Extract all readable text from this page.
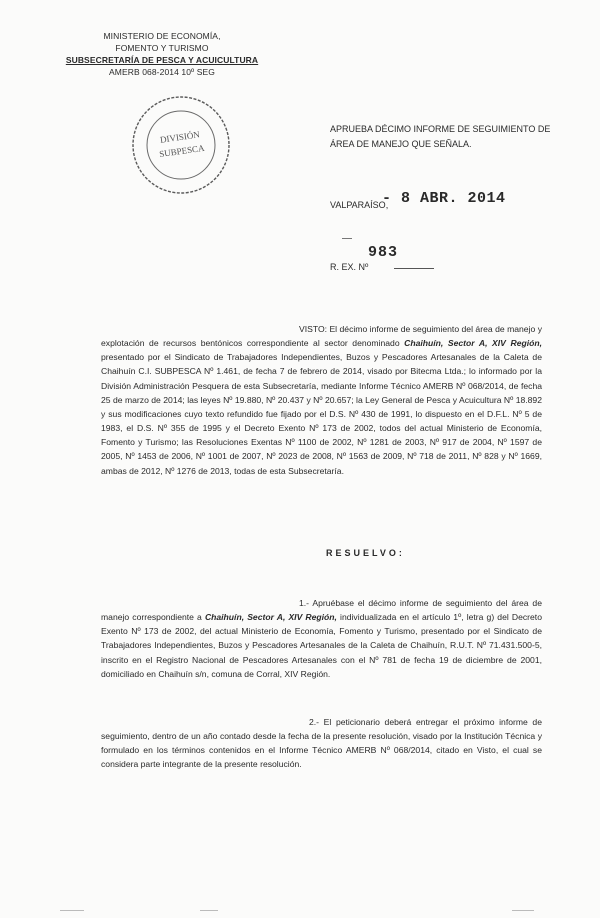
MINISTERIO DE ECONOMÍA,
FOMENTO Y TURISMO
SUBSECRETARÍA DE PESCA Y ACUICULTURA
AMERB 068-2014 10º SEG
DIVISIÓN
SUBPESCA
APRUEBA DÉCIMO INFORME DE SEGUIMIENTO DE ÁREA DE MANEJO QUE SEÑALA.
VALPARAÍSO,
- 8 ABR. 2014
R. EX. Nº
983
VISTO: El décimo informe de seguimiento del área de manejo y explotación de recursos bentónicos correspondiente al sector denominado Chaihuín, Sector A, XIV Región, presentado por el Sindicato de Trabajadores Independientes, Buzos y Pescadores Artesanales de la Caleta de Chaihuín C.I. SUBPESCA Nº 1.461, de fecha 7 de febrero de 2014, visado por Bitecma Ltda.; lo informado por la División Administración Pesquera de esta Subsecretaría, mediante Informe Técnico AMERB Nº 068/2014, de fecha 25 de marzo de 2014; las leyes Nº 19.880, Nº 20.437 y Nº 20.657; la Ley General de Pesca y Acuicultura Nº 18.892 y sus modificaciones cuyo texto refundido fue fijado por el D.S. Nº 430 de 1991, lo dispuesto en el D.F.L. Nº 5 de 1983, el D.S. Nº 355 de 1995 y el Decreto Exento Nº 173 de 2002, todos del actual Ministerio de Economía, Fomento y Turismo; las Resoluciones Exentas Nº 1100 de 2002, Nº 1281 de 2003, Nº 917 de 2004, Nº 1597 de 2005, Nº 1453 de 2006, Nº 1001 de 2007, Nº 2023 de 2008, Nº 1563 de 2009, Nº 718 de 2011, Nº 828 y Nº 1669, ambas de 2012, Nº 1276 de 2013, todas de esta Subsecretaría.
RESUELVO:
1.- Apruébase el décimo informe de seguimiento del área de manejo correspondiente a Chaihuín, Sector A, XIV Región, individualizada en el artículo 1º, letra g) del Decreto Exento Nº 173 de 2002, del actual Ministerio de Economía, Fomento y Turismo, presentado por el Sindicato de Trabajadores Independientes, Buzos y Pescadores Artesanales de la Caleta de Chaihuín, R.U.T. Nº 71.431.500-5, inscrito en el Registro Nacional de Pescadores Artesanales con el Nº 781 de fecha 19 de diciembre de 2001, domiciliado en Chaihuín s/n, comuna de Corral, XIV Región.
2.- El peticionario deberá entregar el próximo informe de seguimiento, dentro de un año contado desde la fecha de la presente resolución, visado por la Institución Técnica y formulado en los términos contenidos en el Informe Técnico AMERB Nº 068/2014, citado en Visto, el cual se considera parte integrante de la presente resolución.
